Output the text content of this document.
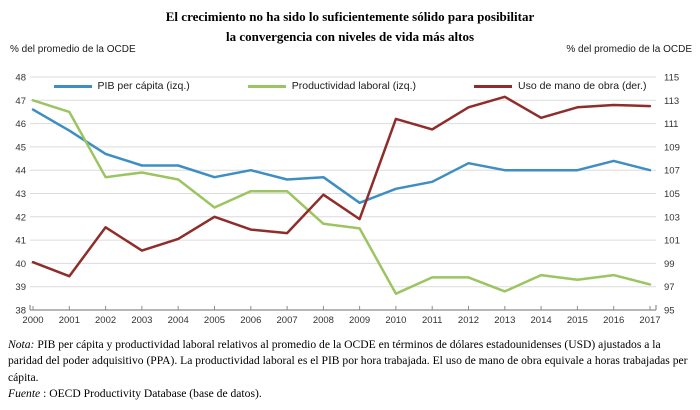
El crecimiento no ha sido lo suficientemente sólido para posibilitar
la convergencia con niveles de vida más altos
% del promedio de la OCDE	% del promedio de la OCDE
2000 2001 2002 2003 2004 2005 2006 2007 2008 2009 2010 2011 2012 2013 2014 2015 2016 2017
48
47
46
45
44
43
42
41
40
39
38
115
113
111
109
107
105
103
101
99
97
95
PIB per cápita (izq.)	Productividad laboral (izq.)	Uso de mano de obra (der.)

Nota: PIB per cápita y productividad laboral relativos al promedio de la OCDE en términos de dólares estadounidenses (USD) ajustados a la paridad del poder adquisitivo (PPA). La productividad laboral es el PIB por hora trabajada. El uso de mano de obra equivale a horas trabajadas per cápita.

Fuente : OECD Productivity Database (base de datos).
